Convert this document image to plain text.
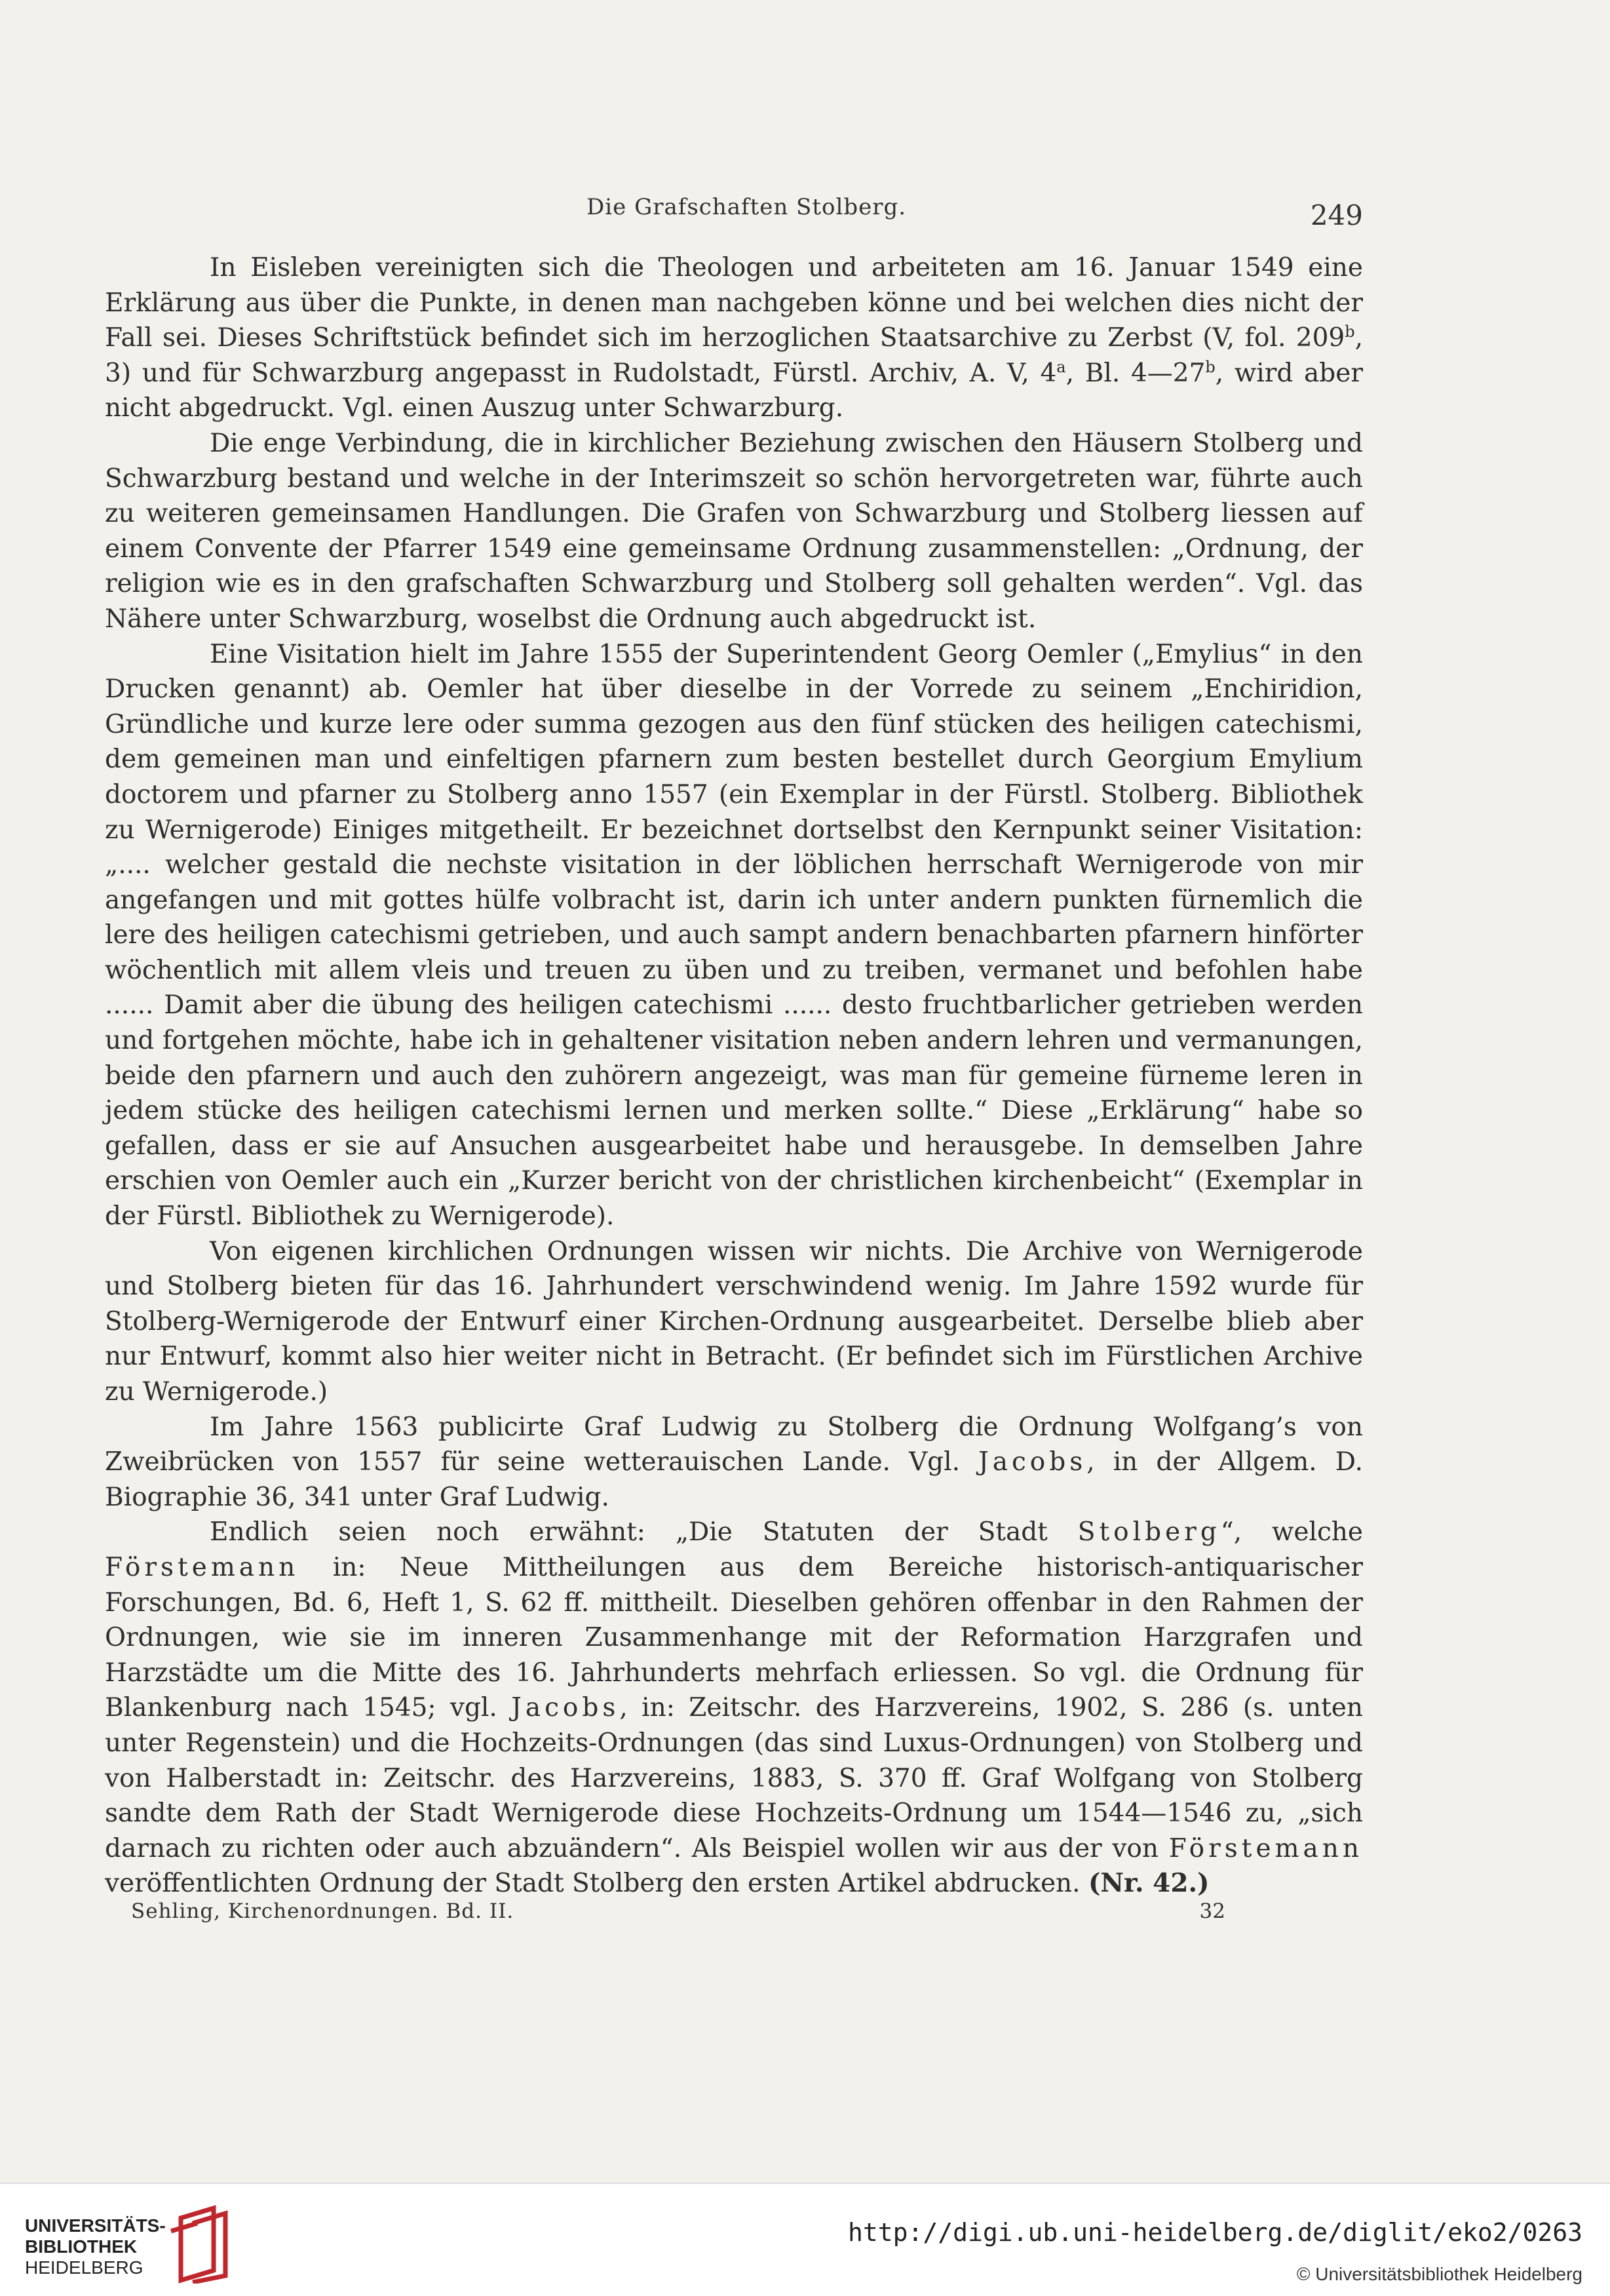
Die Grafschaften Stolberg.	249

In Eisleben vereinigten sich die Theologen und arbeiteten am 16. Januar 1549 eine Erklärung aus über die Punkte, in denen man nachgeben könne und bei welchen dies nicht der Fall sei. Dieses Schriftstück befindet sich im herzoglichen Staatsarchive zu Zerbst (V, fol. 209$^b$, 3) und für Schwarzburg angepasst in Rudolstadt, Fürstl. Archiv, A. V, 4$^a$, Bl. 4—27$^b$, wird aber nicht abgedruckt. Vgl. einen Auszug unter Schwarzburg.

Die enge Verbindung, die in kirchlicher Beziehung zwischen den Häusern Stolberg und Schwarzburg bestand und welche in der Interimszeit so schön hervorgetreten war, führte auch zu weiteren gemeinsamen Handlungen. Die Grafen von Schwarzburg und Stolberg liessen auf einem Convente der Pfarrer 1549 eine gemeinsame Ordnung zusammenstellen: „Ordnung, der religion wie es in den grafschaften Schwarzburg und Stolberg soll gehalten werden“. Vgl. das Nähere unter Schwarzburg, woselbst die Ordnung auch abgedruckt ist.

Eine Visitation hielt im Jahre 1555 der Superintendent Georg Oemler („Emylius“ in den Drucken genannt) ab. Oemler hat über dieselbe in der Vorrede zu seinem „Enchiridion, Gründliche und kurze lere oder summa gezogen aus den fünf stücken des heiligen catechismi, dem gemeinen man und einfeltigen pfarnern zum besten bestellet durch Georgium Emylium doctorem und pfarner zu Stolberg anno 1557 (ein Exemplar in der Fürstl. Stolberg. Bibliothek zu Wernigerode) Einiges mitgetheilt. Er bezeichnet dortselbst den Kernpunkt seiner Visitation: „.... welcher gestald die nechste visitation in der löblichen herrschaft Wernigerode von mir angefangen und mit gottes hülfe volbracht ist, darin ich unter andern punkten fürnemlich die lere des heiligen catechismi getrieben, und auch sampt andern benachbarten pfarnern hinförter wöchentlich mit allem vleis und treuen zu üben und zu treiben, vermanet und befohlen habe ...... Damit aber die übung des heiligen catechismi ...... desto fruchtbarlicher getrieben werden und fortgehen möchte, habe ich in gehaltener visitation neben andern lehren und vermanungen, beide den pfarnern und auch den zuhörern angezeigt, was man für gemeine fürneme leren in jedem stücke des heiligen catechismi lernen und merken sollte.“ Diese „Erklärung“ habe so gefallen, dass er sie auf Ansuchen ausgearbeitet habe und herausgebe. In demselben Jahre erschien von Oemler auch ein „Kurzer bericht von der christlichen kirchenbeicht“ (Exemplar in der Fürstl. Bibliothek zu Wernigerode).

Von eigenen kirchlichen Ordnungen wissen wir nichts. Die Archive von Wernigerode und Stolberg bieten für das 16. Jahrhundert verschwindend wenig. Im Jahre 1592 wurde für Stolberg-Wernigerode der Entwurf einer Kirchen-Ordnung ausgearbeitet. Derselbe blieb aber nur Entwurf, kommt also hier weiter nicht in Betracht. (Er befindet sich im Fürstlichen Archive zu Wernigerode.)

Im Jahre 1563 publicirte Graf Ludwig zu Stolberg die Ordnung Wolfgang’s von Zweibrücken von 1557 für seine wetterauischen Lande. Vgl. Jacobs, in der Allgem. D. Biographie 36, 341 unter Graf Ludwig.

Endlich seien noch erwähnt: „Die Statuten der Stadt Stolberg“, welche Förstemann in: Neue Mittheilungen aus dem Bereiche historisch-antiquarischer Forschungen, Bd. 6, Heft 1, S. 62 ff. mittheilt. Dieselben gehören offenbar in den Rahmen der Ordnungen, wie sie im inneren Zusammenhange mit der Reformation Harzgrafen und Harzstädte um die Mitte des 16. Jahrhunderts mehrfach erliessen. So vgl. die Ordnung für Blankenburg nach 1545; vgl. Jacobs, in: Zeitschr. des Harzvereins, 1902, S. 286 (s. unten unter Regenstein) und die Hochzeits-Ordnungen (das sind Luxus-Ordnungen) von Stolberg und von Halberstadt in: Zeitschr. des Harzvereins, 1883, S. 370 ff. Graf Wolfgang von Stolberg sandte dem Rath der Stadt Wernigerode diese Hochzeits-Ordnung um 1544—1546 zu, „sich darnach zu richten oder auch abzuändern“. Als Beispiel wollen wir aus der von Förstemann veröffentlichten Ordnung der Stadt Stolberg den ersten Artikel abdrucken. (Nr. 42.)

Sehling, Kirchenordnungen. Bd. II.	32
UNIVERSITÄTS-
BIBLIOTHEK
HEIDELBERG
http://digi.ub.uni-heidelberg.de/diglit/eko2/0263
© Universitätsbibliothek Heidelberg
